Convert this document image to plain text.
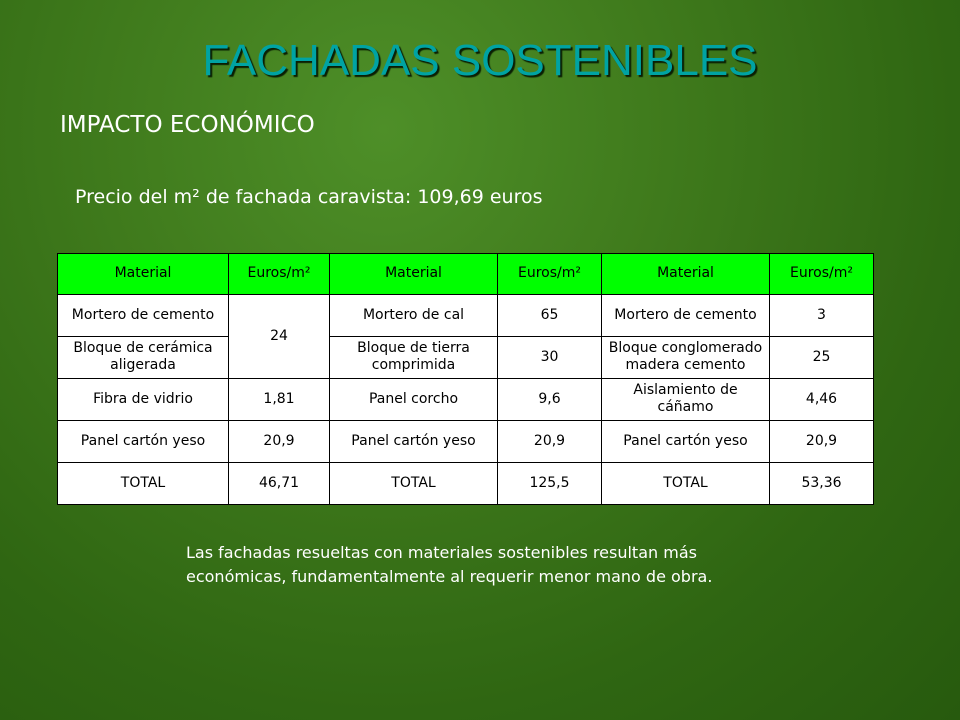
FACHADAS SOSTENIBLES
IMPACTO ECONÓMICO
Precio del m² de fachada caravista: 109,69 euros
Material	Euros/m²	Material	Euros/m²	Material	Euros/m²
Mortero de cemento	24	Mortero de cal	65	Mortero de cemento	3
Bloque de cerámica aligerada		Bloque de tierra comprimida	30	Bloque conglomerado madera cemento	25
Fibra de vidrio	1,81	Panel corcho	9,6	Aislamiento de cáñamo	4,46
Panel cartón yeso	20,9	Panel cartón yeso	20,9	Panel cartón yeso	20,9
TOTAL	46,71	TOTAL	125,5	TOTAL	53,36
Las fachadas resueltas con materiales sostenibles resultan más económicas, fundamentalmente al requerir menor mano de obra.
